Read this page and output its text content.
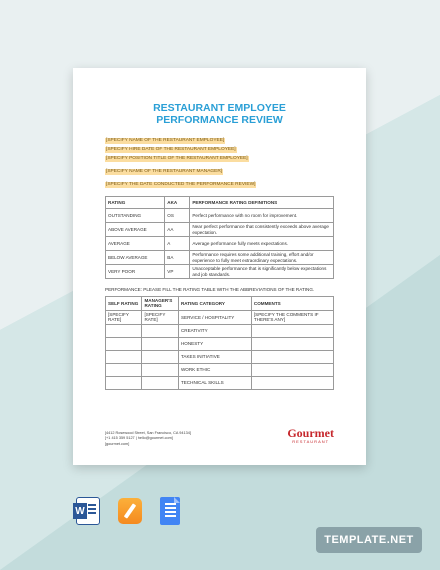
RESTAURANT EMPLOYEE
PERFORMANCE REVIEW
[SPECIFY NAME OF THE RESTAURANT EMPLOYEE]
[SPECIFY HIRE DATE OF THE RESTAURANT EMPLOYEE]
[SPECIFY POSITION TITLE OF THE RESTAURANT EMPLOYEE]
[SPECIFY NAME OF THE RESTAURANT MANAGER]
[SPECIFY THE DATE CONDUCTED THE PERFORMANCE REVIEW]
RATING	AKA	PERFORMANCE RATING DEFINITIONS
OUTSTANDING	OS	Perfect performance with no room for improvement.
ABOVE AVERAGE	AA	Near perfect performance that consistently exceeds above average expectation.
AVERAGE	A	Average performance fully meets expectations.
BELOW AVERAGE	BA	Performance requires some additional training, effort and/or experience to fully meet extraordinary expectations.
VERY POOR	VP	Unacceptable performance that is significantly below expectations and job standards.
PERFORMANCE: PLEASE FILL THE RATING TABLE WITH THE ABBREVIATIONS OF THE RATING.
SELF RATING	MANAGER'S RATING	RATING CATEGORY	COMMENTS
[SPECIFY RATE]	[SPECIFY RATE]	SERVICE / HOSPITALITY	[SPECIFY THE COMMENTS IF THERE'S ANY]
		CREATIVITY	
		HONESTY	
		TAKES INITIATIVE	
		WORK ETHIC	
		TECHNICAL SKILLS	
[4412 Rosewood Street, San Francisco, CA 94134]
[+1 415 359 5127 | hello@gourmet.com]
[gourmet.com]
Gourmet
RESTAURANT
W
TEMPLATE.NET
